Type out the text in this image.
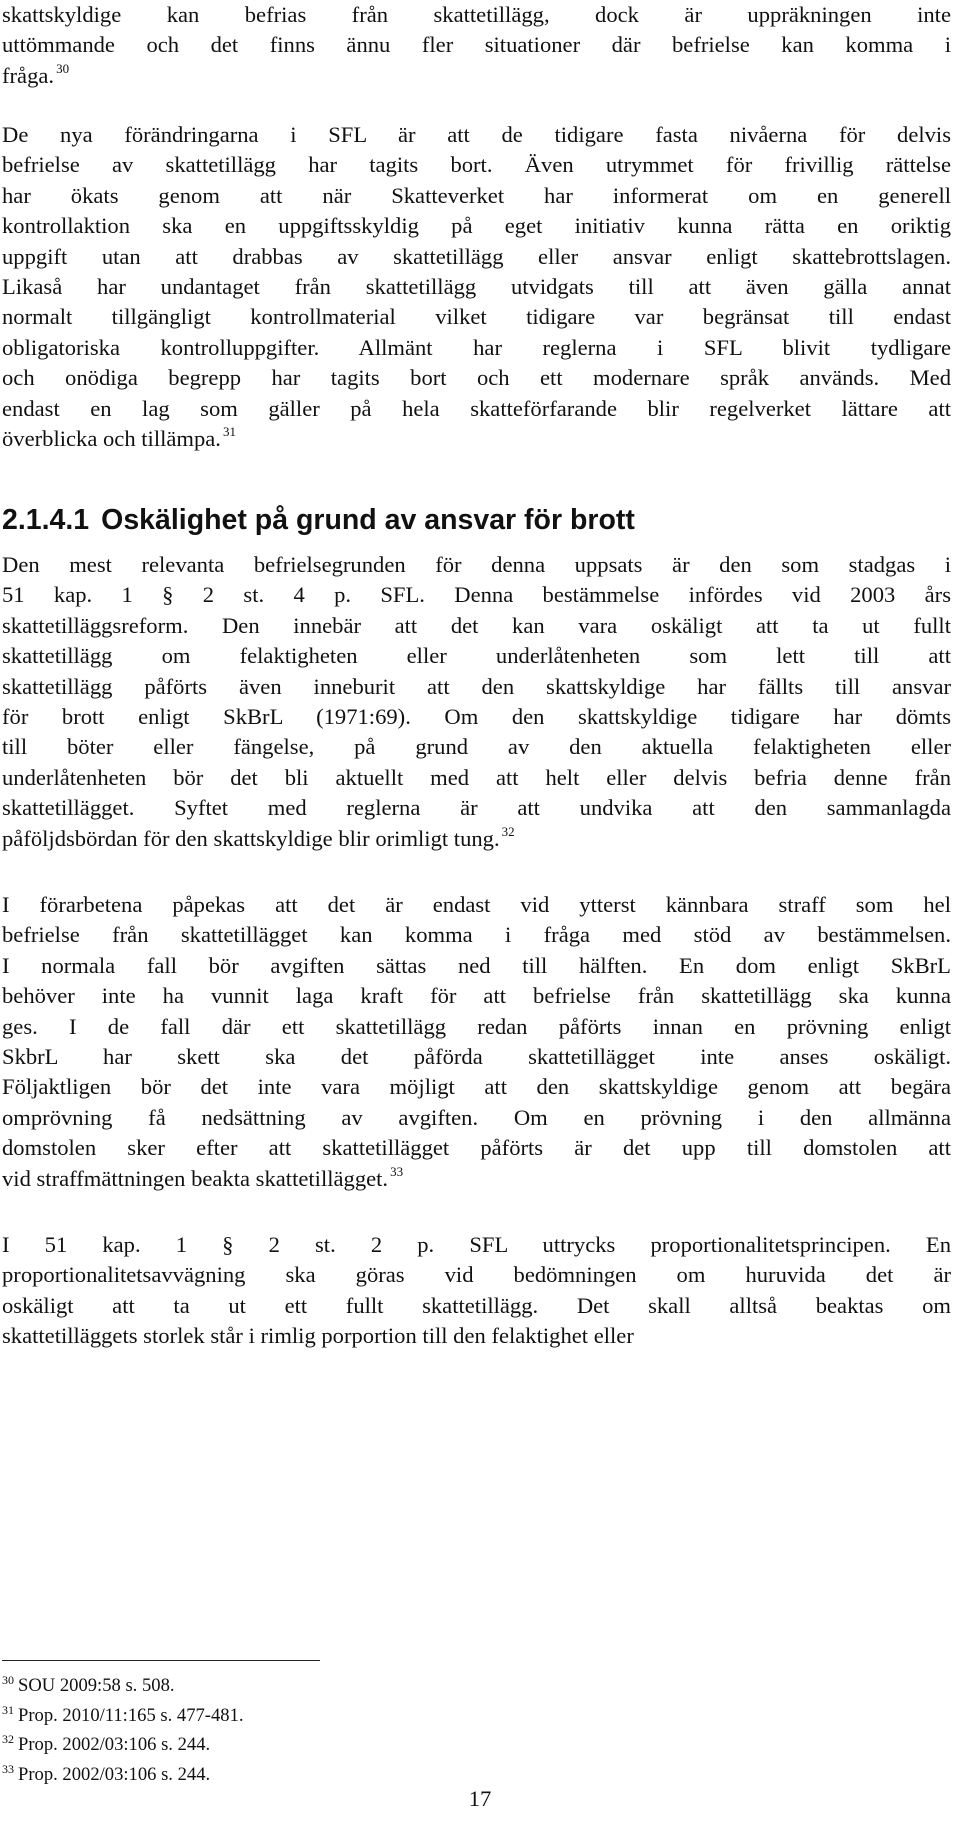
skattskyldige kan befrias från skattetillägg, dock är uppräkningen inte
uttömmande och det finns ännu fler situationer där befrielse kan komma i
fråga. $^{30}$
De nya förändringarna i SFL är att de tidigare fasta nivåerna för delvis
befrielse av skattetillägg har tagits bort. Även utrymmet för frivillig rättelse
har ökats genom att när Skatteverket har informerat om en generell
kontrollaktion ska en uppgiftsskyldig på eget initiativ kunna rätta en oriktig
uppgift utan att drabbas av skattetillägg eller ansvar enligt skattebrottslagen.
Likaså har undantaget från skattetillägg utvidgats till att även gälla annat
normalt tillgängligt kontrollmaterial vilket tidigare var begränsat till endast
obligatoriska kontrolluppgifter. Allmänt har reglerna i SFL blivit tydligare
och onödiga begrepp har tagits bort och ett modernare språk används. Med
endast en lag som gäller på hela skatteförfarande blir regelverket lättare att
överblicka och tillämpa. $^{31}$
2.1.4.1 Oskälighet på grund av ansvar för brott
Den mest relevanta befrielsegrunden för denna uppsats är den som stadgas i
51 kap. 1 § 2 st. 4 p. SFL. Denna bestämmelse infördes vid 2003 års
skattetilläggsreform. Den innebär att det kan vara oskäligt att ta ut fullt
skattetillägg om felaktigheten eller underlåtenheten som lett till att
skattetillägg påförts även inneburit att den skattskyldige har fällts till ansvar
för brott enligt SkBrL (1971:69). Om den skattskyldige tidigare har dömts
till böter eller fängelse, på grund av den aktuella felaktigheten eller
underlåtenheten bör det bli aktuellt med att helt eller delvis befria denne från
skattetillägget. Syftet med reglerna är att undvika att den sammanlagda
påföljdsbördan för den skattskyldige blir orimligt tung. $^{32}$
I förarbetena påpekas att det är endast vid ytterst kännbara straff som hel
befrielse från skattetillägget kan komma i fråga med stöd av bestämmelsen.
I normala fall bör avgiften sättas ned till hälften. En dom enligt SkBrL
behöver inte ha vunnit laga kraft för att befrielse från skattetillägg ska kunna
ges. I de fall där ett skattetillägg redan påförts innan en prövning enligt
SkbrL har skett ska det påförda skattetillägget inte anses oskäligt.
Följaktligen bör det inte vara möjligt att den skattskyldige genom att begära
omprövning få nedsättning av avgiften. Om en prövning i den allmänna
domstolen sker efter att skattetillägget påförts är det upp till domstolen att
vid straffmättningen beakta skattetillägget. $^{33}$
I 51 kap. 1 § 2 st. 2 p. SFL uttrycks proportionalitetsprincipen. En
proportionalitetsavvägning ska göras vid bedömningen om huruvida det är
oskäligt att ta ut ett fullt skattetillägg. Det skall alltså beaktas om
skattetilläggets storlek står i rimlig porportion till den felaktighet eller
$^{30}$ SOU 2009:58 s. 508.
$^{31}$ Prop. 2010/11:165 s. 477-481.
$^{32}$ Prop. 2002/03:106 s. 244.
$^{33}$ Prop. 2002/03:106 s. 244.
17
